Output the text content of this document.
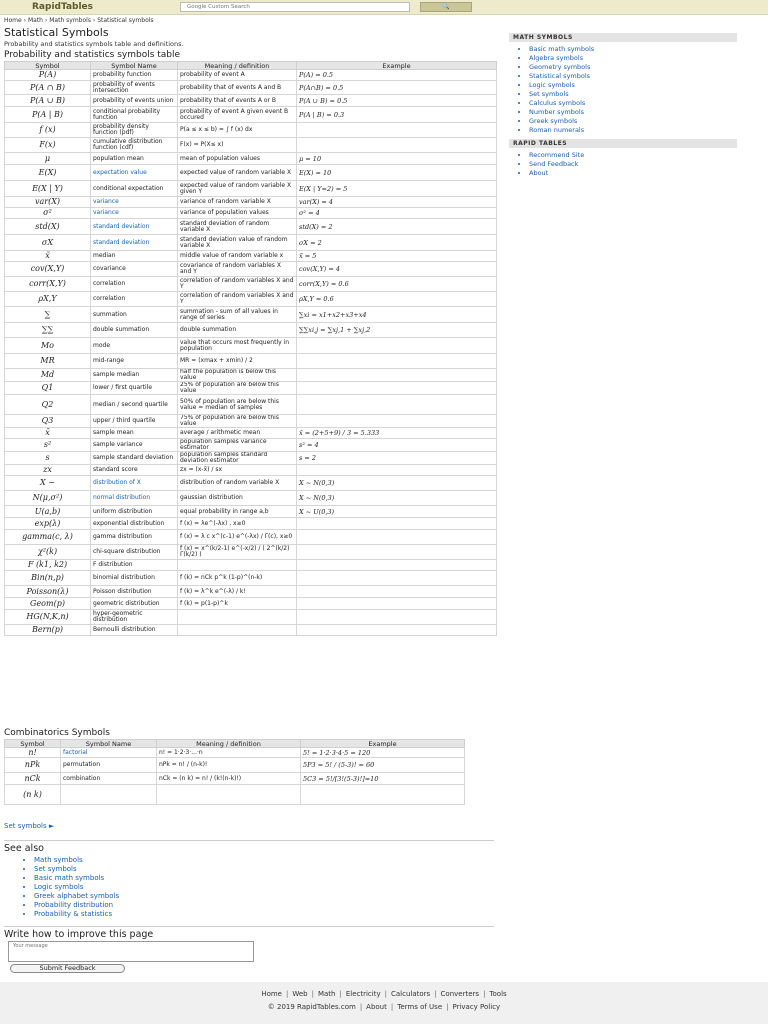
RapidTables
Google Custom Search	🔍
Home › Math › Math symbols › Statistical symbols
Statistical Symbols
Probability and statistics symbols table and definitions.
Probability and statistics symbols table
Symbol	Symbol Name	Meaning / definition	Example
P(A)	probability function	probability of event A	P(A) = 0.5
P(A ∩ B)	probability of events intersection	probability that of events A and B	P(A∩B) = 0.5
P(A ∪ B)	probability of events union	probability that of events A or B	P(A ∪ B) = 0.5
P(A | B)	conditional probability function	probability of event A given event B occured	P(A | B) = 0.3
f (x)	probability density function (pdf)	P(a ≤ x ≤ b) = ∫ f (x) dx	
F(x)	cumulative distribution function (cdf)	F(x) = P(X≤ x)	
μ	population mean	mean of population values	μ = 10
E(X)	expectation value	expected value of random variable X	E(X) = 10
E(X | Y)	conditional expectation	expected value of random variable X given Y	E(X | Y=2) = 5
var(X)	variance	variance of random variable X	var(X) = 4
σ²	variance	variance of population values	σ² = 4
std(X)	standard deviation	standard deviation of random variable X	std(X) = 2
σX	standard deviation	standard deviation value of random variable X	σX = 2
x̃	median	middle value of random variable x	x̃ = 5
cov(X,Y)	covariance	covariance of random variables X and Y	cov(X,Y) = 4
corr(X,Y)	correlation	correlation of random variables X and Y	corr(X,Y) = 0.6
ρX,Y	correlation	correlation of random variables X and Y	ρX,Y = 0.6
∑	summation	summation - sum of all values in range of series	∑xi = x1+x2+x3+x4
∑∑	double summation	double summation	∑∑xi,j = ∑xj,1 + ∑xj,2
Mo	mode	value that occurs most frequently in population	
MR	mid-range	MR = (xmax + xmin) / 2	
Md	sample median	half the population is below this value	
Q1	lower / first quartile	25% of population are below this value	
Q2	median / second quartile	50% of population are below this value = median of samples	
Q3	upper / third quartile	75% of population are below this value	
x̄	sample mean	average / arithmetic mean	x̄ = (2+5+9) / 3 = 5.333
s²	sample variance	population samples variance estimator	s² = 4
s	sample standard deviation	population samples standard deviation estimator	s = 2
zx	standard score	zx = (x-x̄) / sx	
X ~	distribution of X	distribution of random variable X	X ~ N(0,3)
N(μ,σ²)	normal distribution	gaussian distribution	X ~ N(0,3)
U(a,b)	uniform distribution	equal probability in range a,b	X ~ U(0,3)
exp(λ)	exponential distribution	f (x) = λe^(-λx) , x≥0	
gamma(c, λ)	gamma distribution	f (x) = λ c x^(c-1) e^(-λx) / Γ(c), x≥0	
χ²(k)	chi-square distribution	f (x) = x^(k/2-1) e^(-x/2) / ( 2^(k/2) Γ(k/2) )	
F (k1, k2)	F distribution		
Bin(n,p)	binomial distribution	f (k) = nCk p^k (1-p)^(n-k)	
Poisson(λ)	Poisson distribution	f (k) = λ^k e^(-λ) / k!	
Geom(p)	geometric distribution	f (k) = p(1-p)^k	
HG(N,K,n)	hyper-geometric distribution		
Bern(p)	Bernoulli distribution		
Combinatorics Symbols
Symbol	Symbol Name	Meaning / definition	Example
n!	factorial	n! = 1·2·3·...·n	5! = 1·2·3·4·5 = 120
nPk	permutation	nPk = n! / (n-k)!	5P3 = 5! / (5-3)! = 60
nCk	combination	nCk = (n k) = n! / (k!(n-k)!)	5C3 = 5!/[3!(5-3)!]=10
(n k)			
Set symbols ►
See also
• Math symbols
• Set symbols
• Basic math symbols
• Logic symbols
• Greek alphabet symbols
• Probability distribution
• Probability & statistics
Write how to improve this page
Your message
Submit Feedback
MATH SYMBOLS
• Basic math symbols
• Algebra symbols
• Geometry symbols
• Statistical symbols
• Logic symbols
• Set symbols
• Calculus symbols
• Number symbols
• Greek symbols
• Roman numerals
RAPID TABLES
• Recommend Site
• Send Feedback
• About
Home | Web | Math | Electricity | Calculators | Converters | Tools
© 2019 RapidTables.com | About | Terms of Use | Privacy Policy
